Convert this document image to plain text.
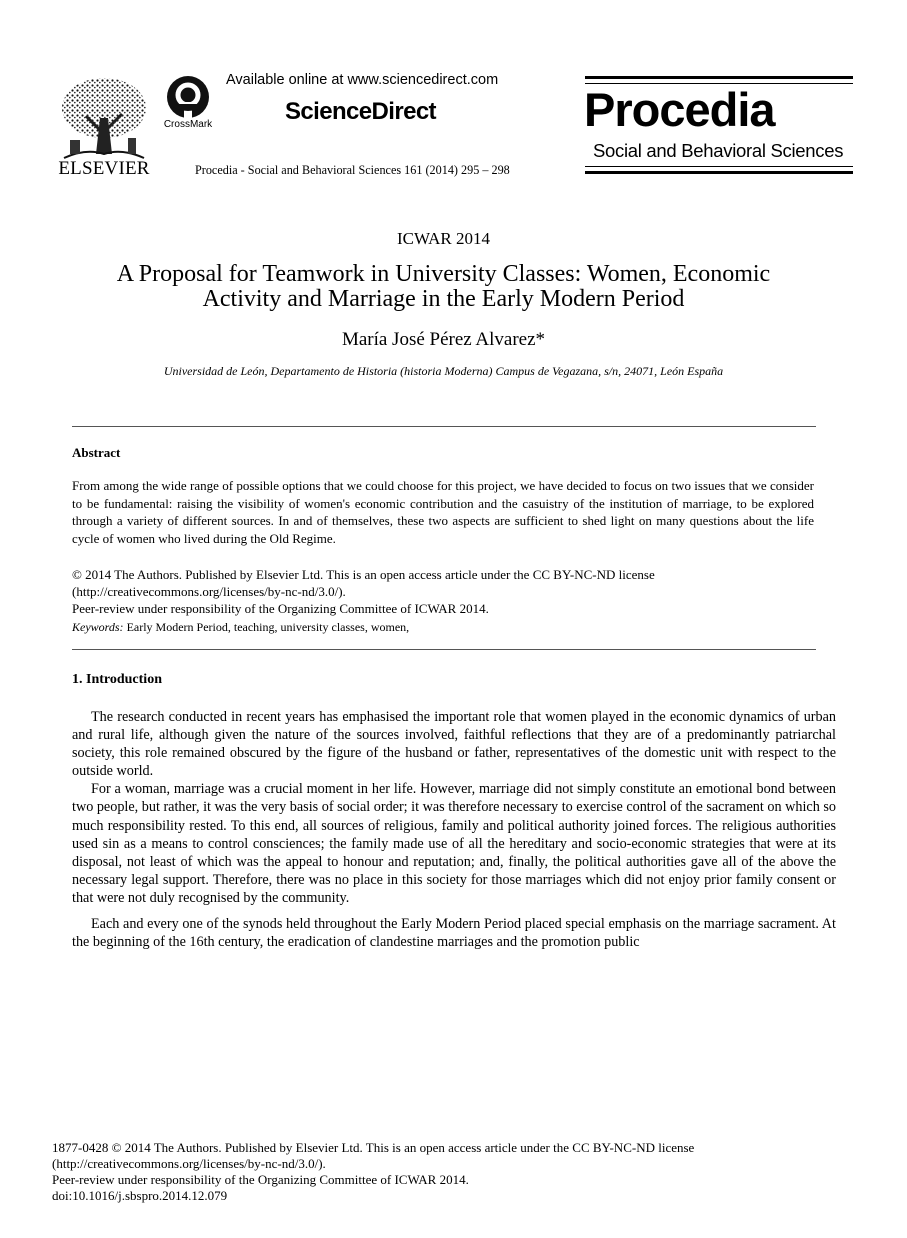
ELSEVIER
CrossMark
Available online at www.sciencedirect.com
ScienceDirect
Procedia - Social and Behavioral Sciences 161 (2014) 295 – 298
Procedia
Social and Behavioral Sciences
ICWAR 2014
A Proposal for Teamwork in University Classes: Women, Economic
Activity and Marriage in the Early Modern Period
María José Pérez Alvarez*
Universidad de León, Departamento de Historia (historia Moderna) Campus de Vegazana, s/n, 24071, León España
Abstract
From among the wide range of possible options that we could choose for this project, we have decided to focus on two issues that we consider to be fundamental: raising the visibility of women's economic contribution and the casuistry of the institution of marriage, to be explored through a variety of different sources. In and of themselves, these two aspects are sufficient to shed light on many questions about the life cycle of women who lived during the Old Regime.
© 2014 The Authors. Published by Elsevier Ltd. This is an open access article under the CC BY-NC-ND license
(http://creativecommons.org/licenses/by-nc-nd/3.0/).
Peer-review under responsibility of the Organizing Committee of ICWAR 2014.
Keywords: Early Modern Period, teaching, university classes, women,
1. Introduction

The research conducted in recent years has emphasised the important role that women played in the economic dynamics of urban and rural life, although given the nature of the sources involved, faithful reflections that they are of a predominantly patriarchal society, this role remained obscured by the figure of the husband or father, representatives of the domestic unit with respect to the outside world.

For a woman, marriage was a crucial moment in her life. However, marriage did not simply constitute an emotional bond between two people, but rather, it was the very basis of social order; it was therefore necessary to exercise control of the sacrament on which so much responsibility rested. To this end, all sources of religious, family and political authority joined forces. The religious authorities used sin as a means to control consciences; the family made use of all the hereditary and socio-economic strategies that were at its disposal, not least of which was the appeal to honour and reputation; and, finally, the political authorities gave all of the above the necessary legal support. Therefore, there was no place in this society for those marriages which did not enjoy prior family consent or that were not duly recognised by the community.

Each and every one of the synods held throughout the Early Modern Period placed special emphasis on the marriage sacrament. At the beginning of the 16th century, the eradication of clandestine marriages and the promotion public

1877-0428 © 2014 The Authors. Published by Elsevier Ltd. This is an open access article under the CC BY-NC-ND license
(http://creativecommons.org/licenses/by-nc-nd/3.0/).
Peer-review under responsibility of the Organizing Committee of ICWAR 2014.
doi:10.1016/j.sbspro.2014.12.079
